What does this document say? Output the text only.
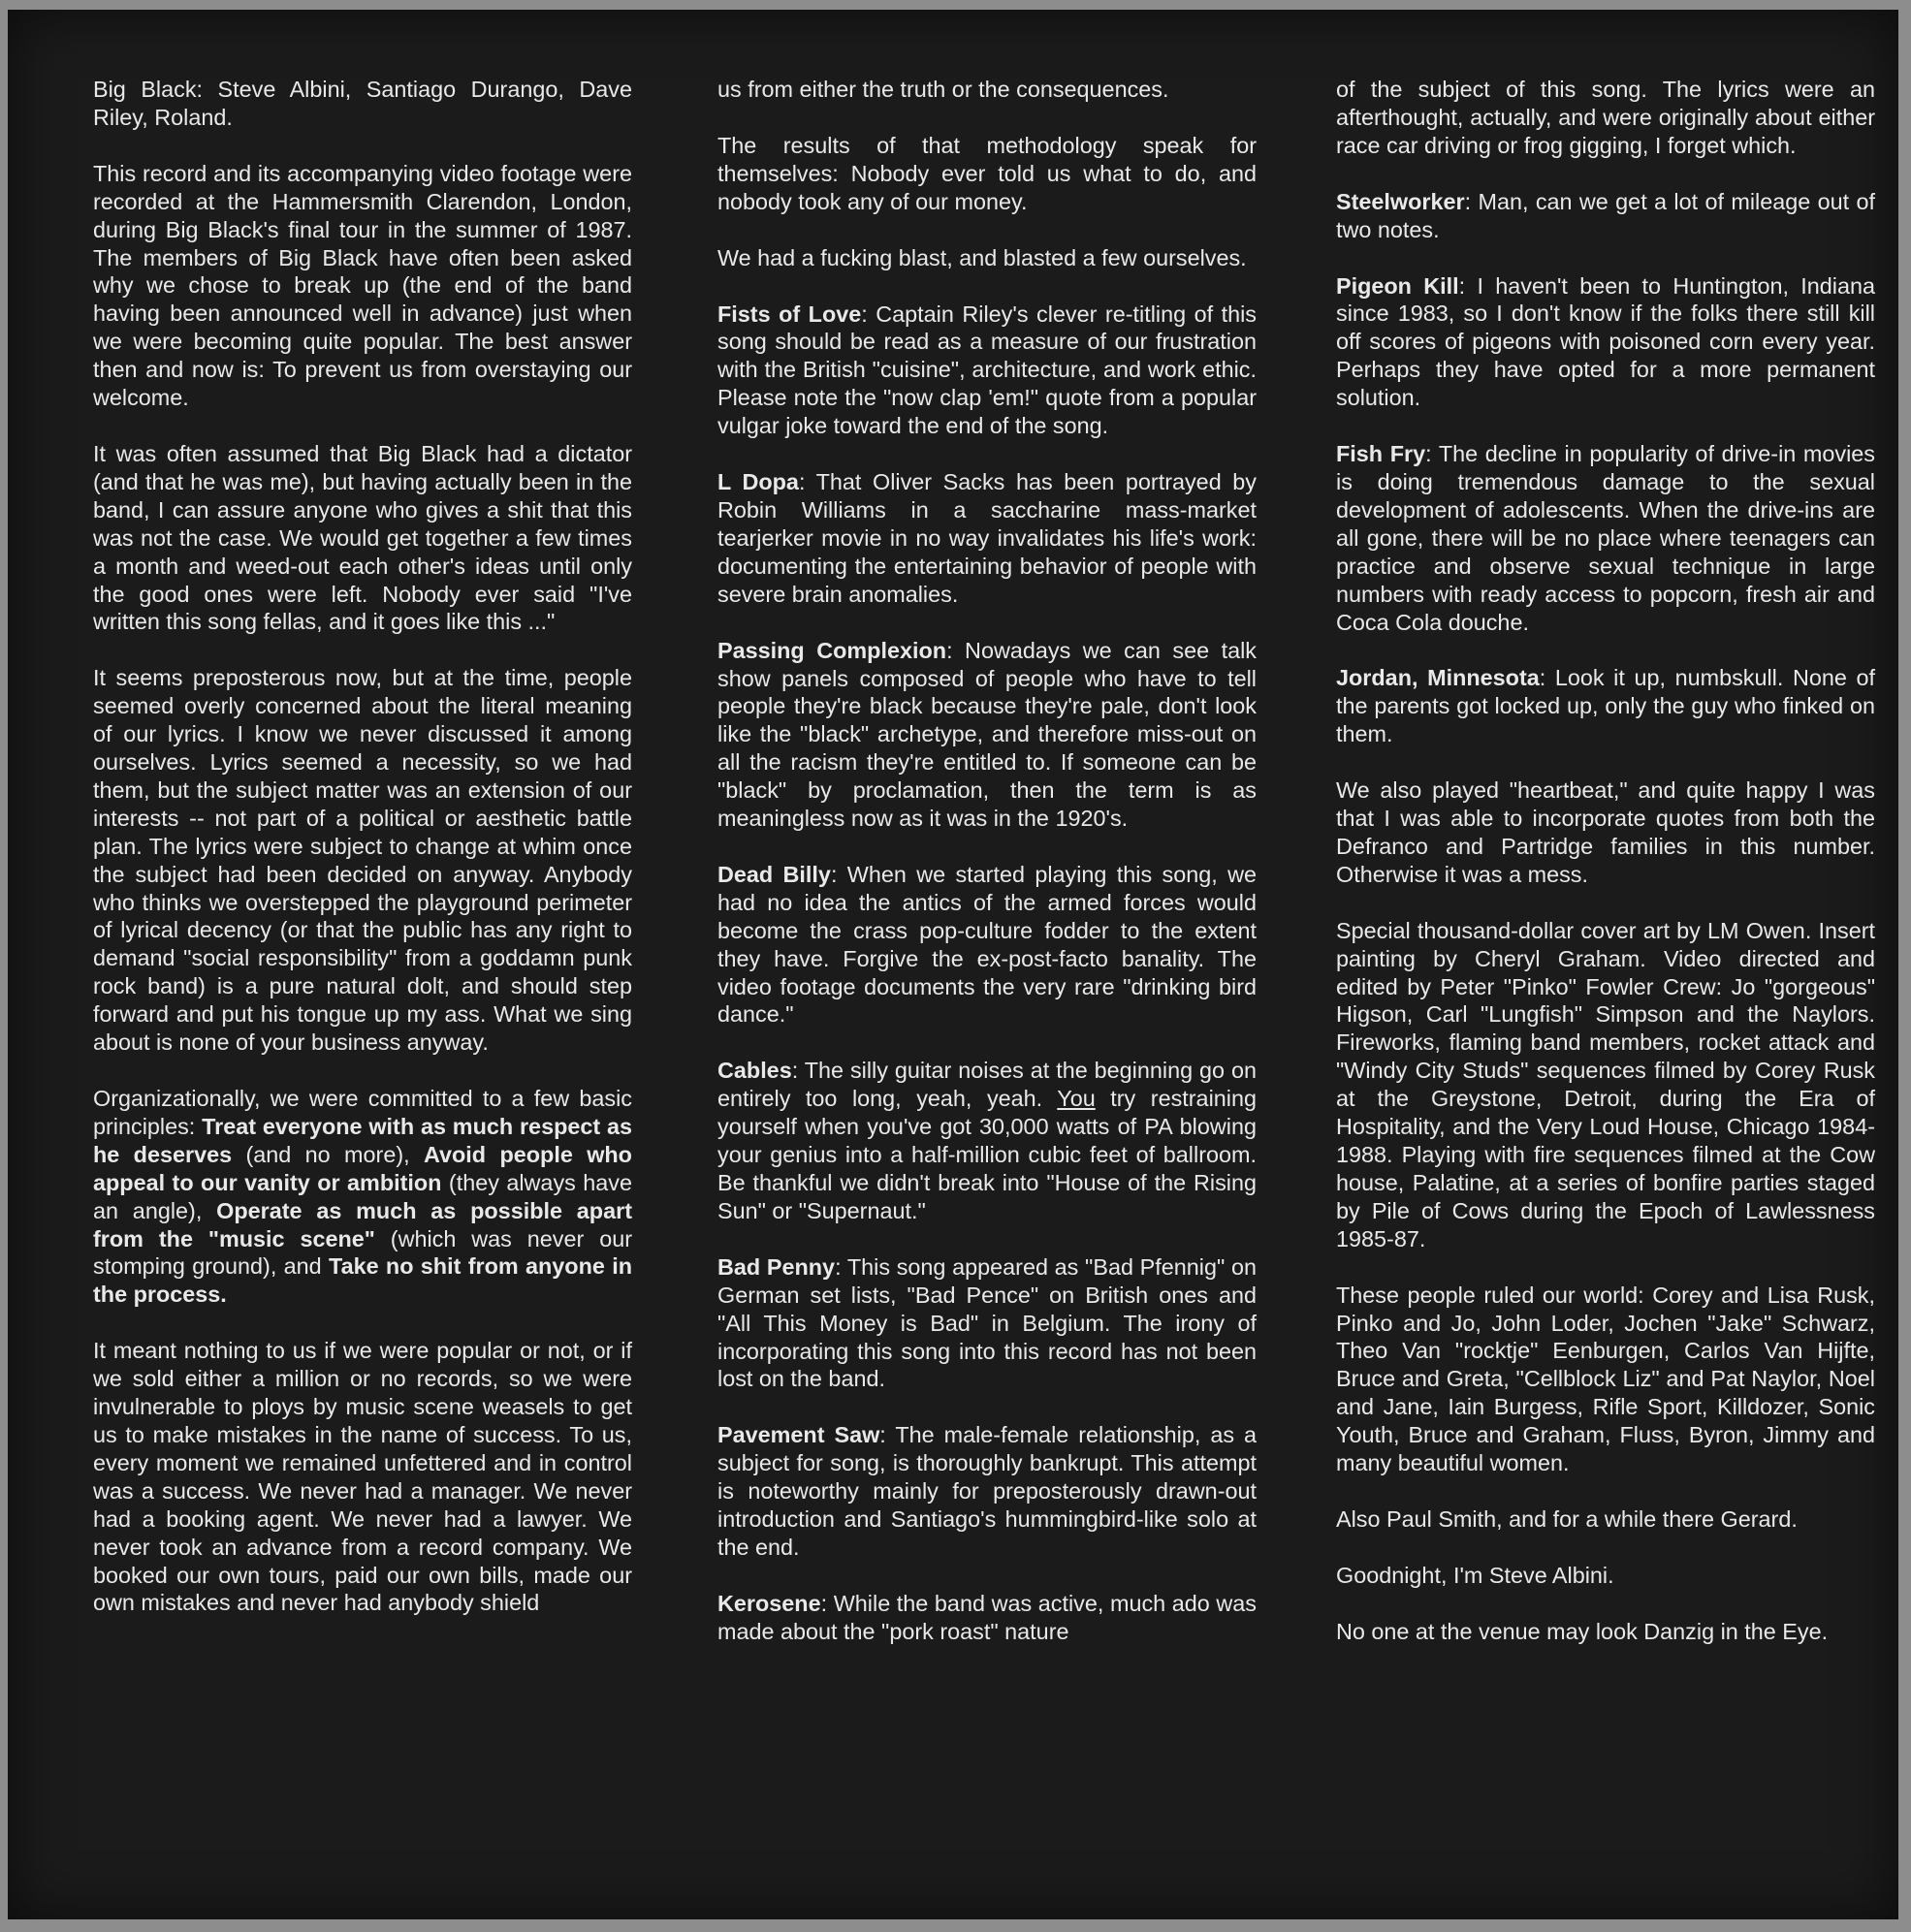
Big Black: Steve Albini, Santiago Durango, Dave Riley, Roland.

This record and its accompanying video footage were recorded at the Hammersmith Clarendon, London, during Big Black's final tour in the summer of 1987. The members of Big Black have often been asked why we chose to break up (the end of the band having been announced well in advance) just when we were becoming quite popular. The best answer then and now is: To prevent us from overstaying our welcome.

It was often assumed that Big Black had a dictator (and that he was me), but having actually been in the band, I can assure anyone who gives a shit that this was not the case. We would get together a few times a month and weed-out each other's ideas until only the good ones were left. Nobody ever said "I've written this song fellas, and it goes like this ..."

It seems preposterous now, but at the time, people seemed overly concerned about the literal meaning of our lyrics. I know we never discussed it among ourselves. Lyrics seemed a necessity, so we had them, but the subject matter was an extension of our interests -- not part of a political or aesthetic battle plan. The lyrics were subject to change at whim once the subject had been decided on anyway. Anybody who thinks we overstepped the playground perimeter of lyrical decency (or that the public has any right to demand "social responsibility" from a goddamn punk rock band) is a pure natural dolt, and should step forward and put his tongue up my ass. What we sing about is none of your business anyway.

Organizationally, we were committed to a few basic principles: Treat everyone with as much respect as he deserves (and no more), Avoid people who appeal to our vanity or ambition (they always have an angle), Operate as much as possible apart from the "music scene" (which was never our stomping ground), and Take no shit from anyone in the process.

It meant nothing to us if we were popular or not, or if we sold either a million or no records, so we were invulnerable to ploys by music scene weasels to get us to make mistakes in the name of success. To us, every moment we remained unfettered and in control was a success. We never had a manager. We never had a booking agent. We never had a lawyer. We never took an advance from a record company. We booked our own tours, paid our own bills, made our own mistakes and never had anybody shield

us from either the truth or the consequences.

The results of that methodology speak for themselves: Nobody ever told us what to do, and nobody took any of our money.

We had a fucking blast, and blasted a few ourselves.

Fists of Love: Captain Riley's clever re-titling of this song should be read as a measure of our frustration with the British "cuisine", architecture, and work ethic. Please note the "now clap 'em!" quote from a popular vulgar joke toward the end of the song.

L Dopa: That Oliver Sacks has been portrayed by Robin Williams in a saccharine mass-market tearjerker movie in no way invalidates his life's work: documenting the entertaining behavior of people with severe brain anomalies.

Passing Complexion: Nowadays we can see talk show panels composed of people who have to tell people they're black because they're pale, don't look like the "black" archetype, and therefore miss-out on all the racism they're entitled to. If someone can be "black" by proclamation, then the term is as meaningless now as it was in the 1920's.

Dead Billy: When we started playing this song, we had no idea the antics of the armed forces would become the crass pop-culture fodder to the extent they have. Forgive the ex-post-facto banality. The video footage documents the very rare "drinking bird dance."

Cables: The silly guitar noises at the beginning go on entirely too long, yeah, yeah. You try restraining yourself when you've got 30,000 watts of PA blowing your genius into a half-million cubic feet of ballroom. Be thankful we didn't break into "House of the Rising Sun" or "Supernaut."

Bad Penny: This song appeared as "Bad Pfennig" on German set lists, "Bad Pence" on British ones and "All This Money is Bad" in Belgium. The irony of incorporating this song into this record has not been lost on the band.

Pavement Saw: The male-female relationship, as a subject for song, is thoroughly bankrupt. This attempt is noteworthy mainly for preposterously drawn-out introduction and Santiago's hummingbird-like solo at the end.

Kerosene: While the band was active, much ado was made about the "pork roast" nature

of the subject of this song. The lyrics were an afterthought, actually, and were originally about either race car driving or frog gigging, I forget which.

Steelworker: Man, can we get a lot of mileage out of two notes.

Pigeon Kill: I haven't been to Huntington, Indiana since 1983, so I don't know if the folks there still kill off scores of pigeons with poisoned corn every year. Perhaps they have opted for a more permanent solution.

Fish Fry: The decline in popularity of drive-in movies is doing tremendous damage to the sexual development of adolescents. When the drive-ins are all gone, there will be no place where teenagers can practice and observe sexual technique in large numbers with ready access to popcorn, fresh air and Coca Cola douche.

Jordan, Minnesota: Look it up, numbskull. None of the parents got locked up, only the guy who finked on them.

We also played "heartbeat," and quite happy I was that I was able to incorporate quotes from both the Defranco and Partridge families in this number. Otherwise it was a mess.

Special thousand-dollar cover art by LM Owen. Insert painting by Cheryl Graham. Video directed and edited by Peter "Pinko" Fowler Crew: Jo "gorgeous" Higson, Carl "Lungfish" Simpson and the Naylors. Fireworks, flaming band members, rocket attack and "Windy City Studs" sequences filmed by Corey Rusk at the Greystone, Detroit, during the Era of Hospitality, and the Very Loud House, Chicago 1984-1988. Playing with fire sequences filmed at the Cow house, Palatine, at a series of bonfire parties staged by Pile of Cows during the Epoch of Lawlessness 1985-87.

These people ruled our world: Corey and Lisa Rusk, Pinko and Jo, John Loder, Jochen "Jake" Schwarz, Theo Van "rocktje" Eenburgen, Carlos Van Hijfte, Bruce and Greta, "Cellblock Liz" and Pat Naylor, Noel and Jane, Iain Burgess, Rifle Sport, Killdozer, Sonic Youth, Bruce and Graham, Fluss, Byron, Jimmy and many beautiful women.

Also Paul Smith, and for a while there Gerard.

Goodnight, I'm Steve Albini.

No one at the venue may look Danzig in the Eye.
